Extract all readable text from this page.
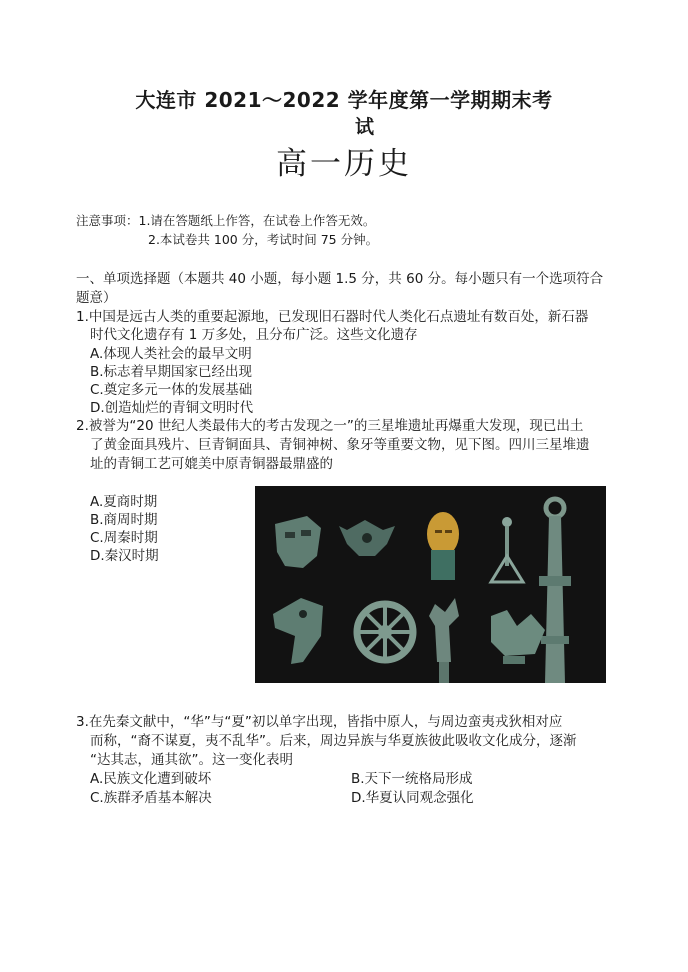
大连市 2021～2022 学年度第一学期期末考
试
高一历史
注意事项：1.请在答题纸上作答，在试卷上作答无效。
2.本试卷共 100 分，考试时间 75 分钟。
一、单项选择题（本题共 40 小题，每小题 1.5 分，共 60 分。每小题只有一个选项符合
题意）
1.中国是远古人类的重要起源地，已发现旧石器时代人类化石点遗址有数百处，新石器
时代文化遗存有 1 万多处，且分布广泛。这些文化遗存
A.体现人类社会的最早文明
B.标志着早期国家已经出现
C.奠定多元一体的发展基础
D.创造灿烂的青铜文明时代
2.被誉为“20 世纪人类最伟大的考古发现之一”的三星堆遗址再爆重大发现，现已出土
了黄金面具残片、巨青铜面具、青铜神树、象牙等重要文物，见下图。四川三星堆遗
址的青铜工艺可媲美中原青铜器最鼎盛的
A.夏商时期
B.商周时期
C.周秦时期
D.秦汉时期
3.在先秦文献中，“华”与“夏”初以单字出现，皆指中原人，与周边蛮夷戎狄相对应
而称，“裔不谋夏，夷不乱华”。后来，周边异族与华夏族彼此吸收文化成分，逐渐
“达其志，通其欲”。这一变化表明
A.民族文化遭到破坏	B.天下一统格局形成
C.族群矛盾基本解决	D.华夏认同观念强化
